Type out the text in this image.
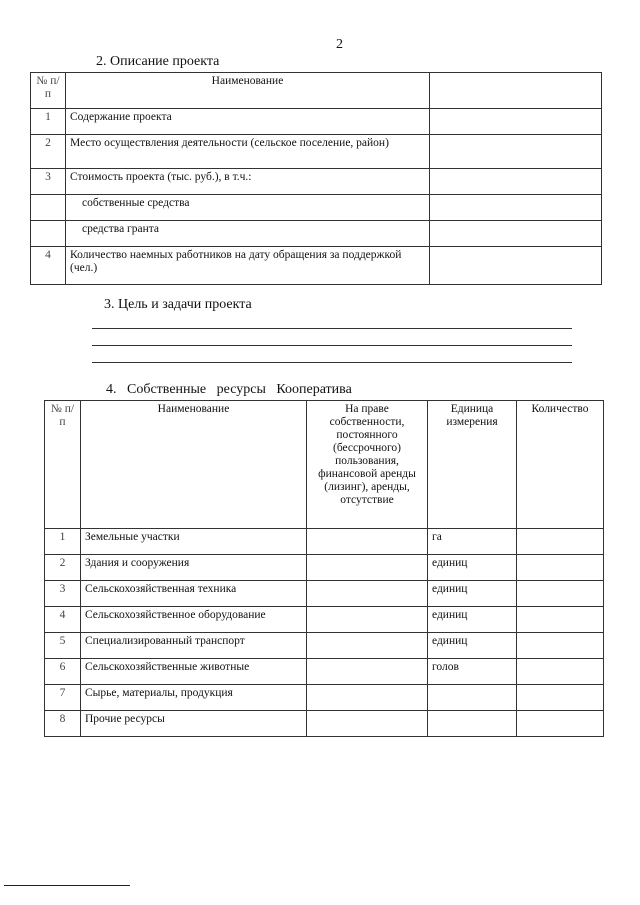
2
2. Описание проекта
№ п/п	Наименование	
1	Содержание проекта	
2	Место осуществления деятельности (сельское поселение, район)	
3	Стоимость проекта (тыс. руб.), в т.ч.:	
	собственные средства	
	средства гранта	
4	Количество наемных работников на дату обращения за поддержкой (чел.)	
3. Цель и задачи проекта
4.   Собственные   ресурсы   Кооператива
№ п/п	Наименование	На праве собственности, постоянного (бессрочного) пользования, финансовой аренды (лизинг), аренды, отсутствие	Единица измерения	Количество
1	Земельные участки		га	
2	Здания и сооружения		единиц	
3	Сельскохозяйственная техника		единиц	
4	Сельскохозяйственное оборудование		единиц	
5	Специализированный транспорт		единиц	
6	Сельскохозяйственные животные		голов	
7	Сырье, материалы, продукция			
8	Прочие ресурсы			
